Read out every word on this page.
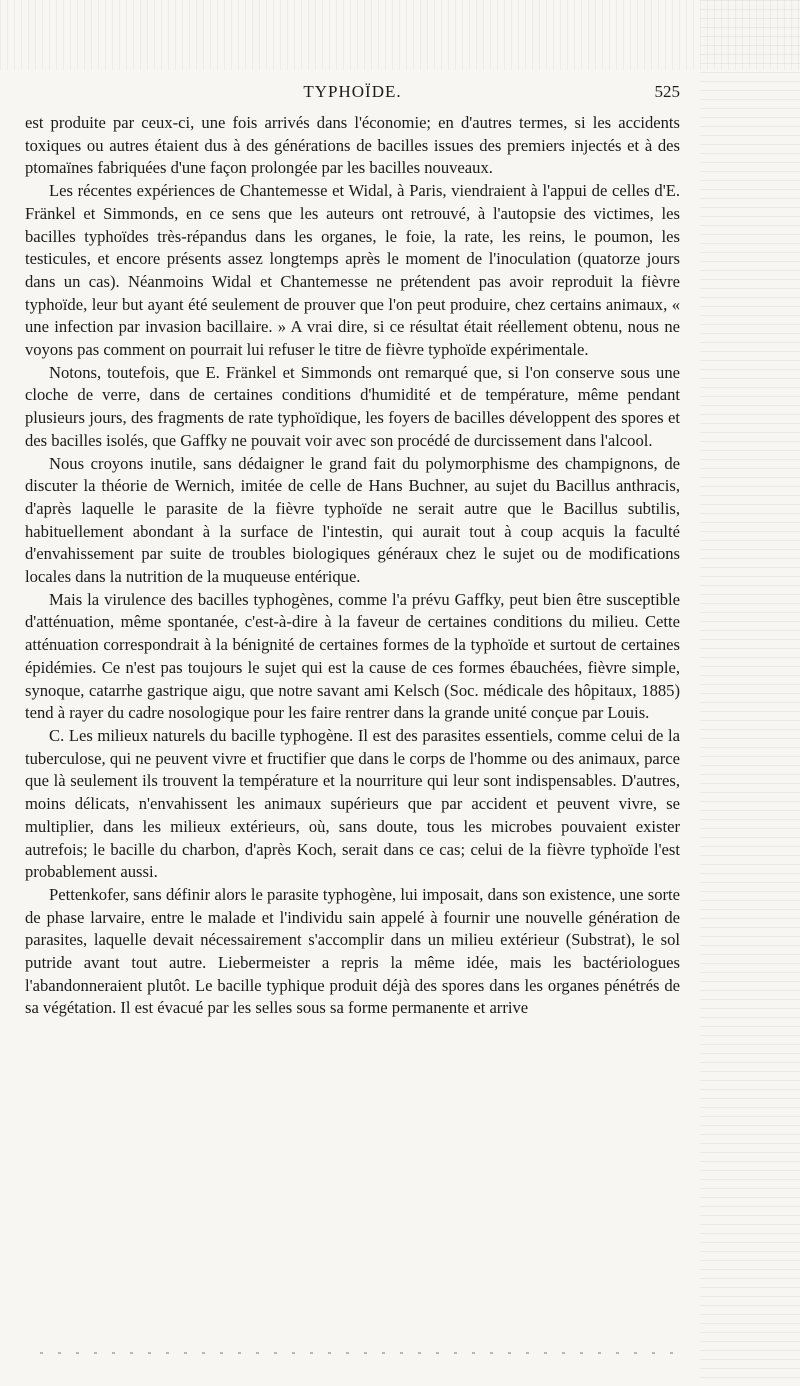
TYPHOÏDE.	525

est produite par ceux-ci, une fois arrivés dans l'économie; en d'autres termes, si les accidents toxiques ou autres étaient dus à des générations de bacilles issues des premiers injectés et à des ptomaïnes fabriquées d'une façon prolongée par les bacilles nouveaux.

Les récentes expériences de Chantemesse et Widal, à Paris, viendraient à l'appui de celles d'E. Fränkel et Simmonds, en ce sens que les auteurs ont retrouvé, à l'autopsie des victimes, les bacilles typhoïdes très-répandus dans les organes, le foie, la rate, les reins, le poumon, les testicules, et encore présents assez longtemps après le moment de l'inoculation (quatorze jours dans un cas). Néanmoins Widal et Chantemesse ne prétendent pas avoir reproduit la fièvre typhoïde, leur but ayant été seulement de prouver que l'on peut produire, chez certains animaux, « une infection par invasion bacillaire. » A vrai dire, si ce résultat était réellement obtenu, nous ne voyons pas comment on pourrait lui refuser le titre de fièvre typhoïde expérimentale.

Notons, toutefois, que E. Fränkel et Simmonds ont remarqué que, si l'on conserve sous une cloche de verre, dans de certaines conditions d'humidité et de température, même pendant plusieurs jours, des fragments de rate typhoïdique, les foyers de bacilles développent des spores et des bacilles isolés, que Gaffky ne pouvait voir avec son procédé de durcissement dans l'alcool.

Nous croyons inutile, sans dédaigner le grand fait du polymorphisme des champignons, de discuter la théorie de Wernich, imitée de celle de Hans Buchner, au sujet du Bacillus anthracis, d'après laquelle le parasite de la fièvre typhoïde ne serait autre que le Bacillus subtilis, habituellement abondant à la surface de l'intestin, qui aurait tout à coup acquis la faculté d'envahissement par suite de troubles biologiques généraux chez le sujet ou de modifications locales dans la nutrition de la muqueuse entérique.

Mais la virulence des bacilles typhogènes, comme l'a prévu Gaffky, peut bien être susceptible d'atténuation, même spontanée, c'est-à-dire à la faveur de certaines conditions du milieu. Cette atténuation correspondrait à la bénignité de certaines formes de la typhoïde et surtout de certaines épidémies. Ce n'est pas toujours le sujet qui est la cause de ces formes ébauchées, fièvre simple, synoque, catarrhe gastrique aigu, que notre savant ami Kelsch (Soc. médicale des hôpitaux, 1885) tend à rayer du cadre nosologique pour les faire rentrer dans la grande unité conçue par Louis.

C. Les milieux naturels du bacille typhogène. Il est des parasites essentiels, comme celui de la tuberculose, qui ne peuvent vivre et fructifier que dans le corps de l'homme ou des animaux, parce que là seulement ils trouvent la température et la nourriture qui leur sont indispensables. D'autres, moins délicats, n'envahissent les animaux supérieurs que par accident et peuvent vivre, se multiplier, dans les milieux extérieurs, où, sans doute, tous les microbes pouvaient exister autrefois; le bacille du charbon, d'après Koch, serait dans ce cas; celui de la fièvre typhoïde l'est probablement aussi.

Pettenkofer, sans définir alors le parasite typhogène, lui imposait, dans son existence, une sorte de phase larvaire, entre le malade et l'individu sain appelé à fournir une nouvelle génération de parasites, laquelle devait nécessairement s'accomplir dans un milieu extérieur (Substrat), le sol putride avant tout autre. Liebermeister a repris la même idée, mais les bactériologues l'abandonneraient plutôt. Le bacille typhique produit déjà des spores dans les organes pénétrés de sa végétation. Il est évacué par les selles sous sa forme permanente et arrive
